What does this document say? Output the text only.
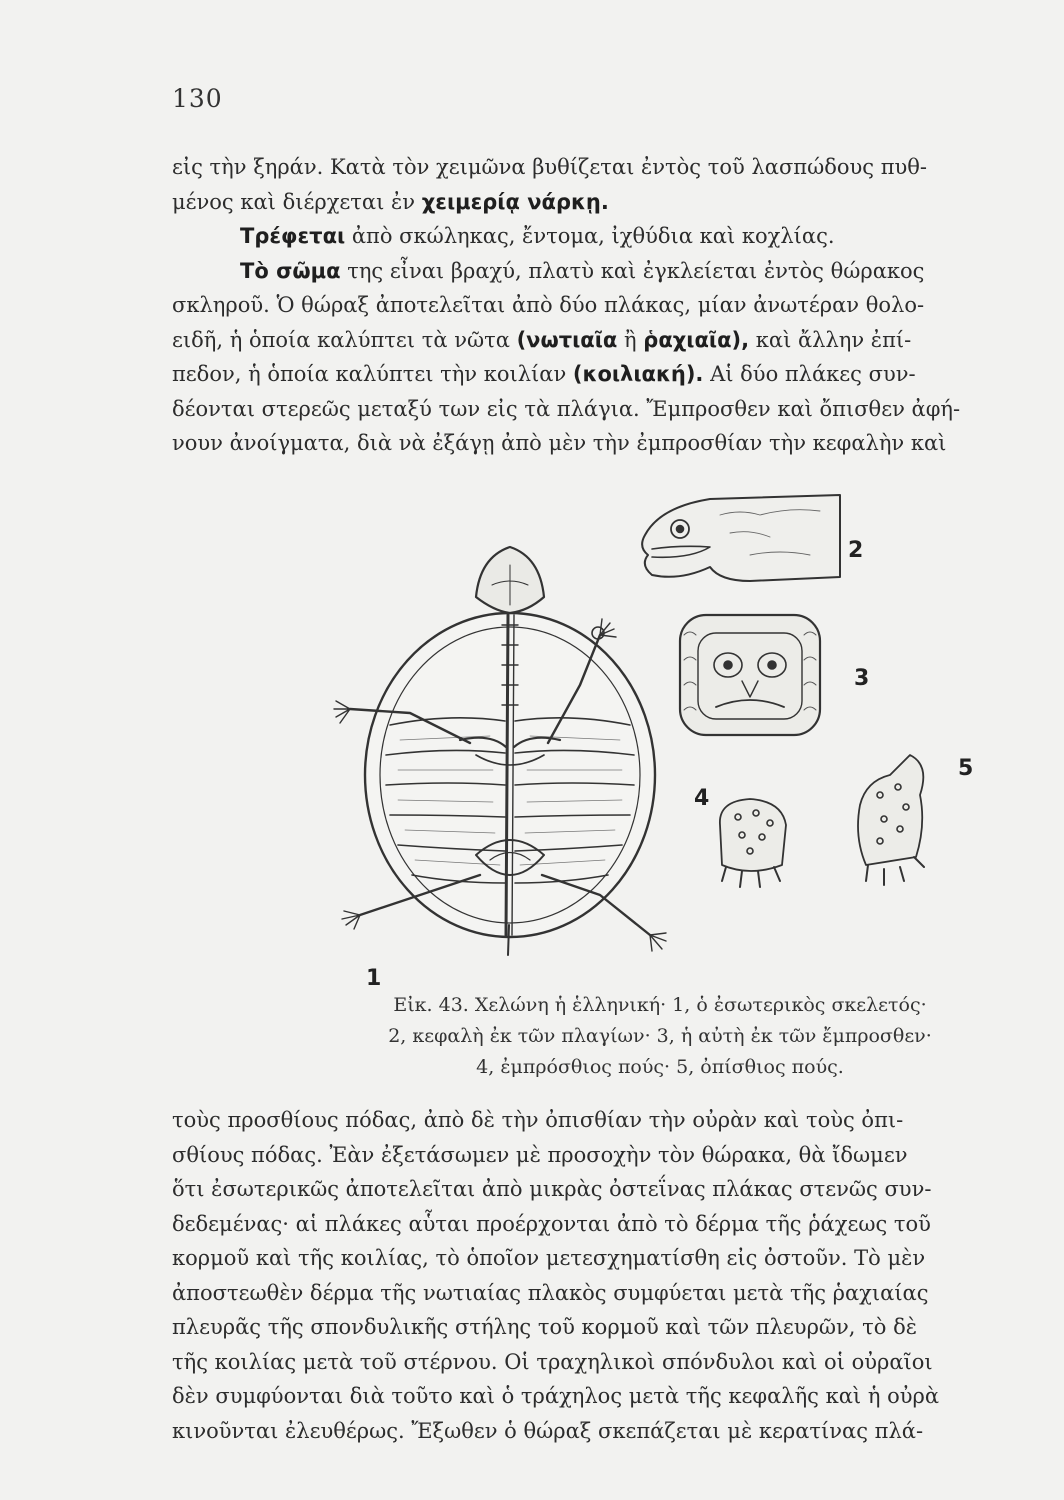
130
εἰς τὴν ξηράν. Κατὰ τὸν χειμῶνα βυθίζεται ἐντὸς τοῦ λασπώδους πυθ-
μένος καὶ διέρχεται ἐν χειμερίᾳ νάρκῃ.
Τρέφεται ἀπὸ σκώληκας, ἔντομα, ἰχθύδια καὶ κοχλίας.
Τὸ σῶμα της εἶναι βραχύ, πλατὺ καὶ ἐγκλείεται ἐντὸς θώρακος
σκληροῦ. Ὁ θώραξ ἀποτελεῖται ἀπὸ δύο πλάκας, μίαν ἀνωτέραν θολο-
ειδῆ, ἡ ὁποία καλύπτει τὰ νῶτα (νωτιαῖα ἢ ῥαχιαῖα), καὶ ἄλλην ἐπί-
πεδον, ἡ ὁποία καλύπτει τὴν κοιλίαν (κοιλιακή). Αἱ δύο πλάκες συν-
δέονται στερεῶς μεταξύ των εἰς τὰ πλάγια. Ἔμπροσθεν καὶ ὄπισθεν ἀφή-
νουν ἀνοίγματα, διὰ νὰ ἐξάγῃ ἀπὸ μὲν τὴν ἐμπροσθίαν τὴν κεφαλὴν καὶ
1
2
3
4
5
Εἰκ. 43. Χελώνη ἡ ἑλληνική· 1, ὁ ἐσωτερικὸς σκελετός·
2, κεφαλὴ ἐκ τῶν πλαγίων· 3, ἡ αὐτὴ ἐκ τῶν ἔμπροσθεν·
4, ἐμπρόσθιος πούς· 5, ὀπίσθιος πούς.
τοὺς προσθίους πόδας, ἀπὸ δὲ τὴν ὀπισθίαν τὴν οὐρὰν καὶ τοὺς ὀπι-
σθίους πόδας. Ἐὰν ἐξετάσωμεν μὲ προσοχὴν τὸν θώρακα, θὰ ἴδωμεν
ὅτι ἐσωτερικῶς ἀποτελεῖται ἀπὸ μικρὰς ὀστεΐνας πλάκας στενῶς συν-
δεδεμένας· αἱ πλάκες αὗται προέρχονται ἀπὸ τὸ δέρμα τῆς ῥάχεως τοῦ
κορμοῦ καὶ τῆς κοιλίας, τὸ ὁποῖον μετεσχηματίσθη εἰς ὀστοῦν. Τὸ μὲν
ἀποστεωθὲν δέρμα τῆς νωτιαίας πλακὸς συμφύεται μετὰ τῆς ῥαχιαίας
πλευρᾶς τῆς σπονδυλικῆς στήλης τοῦ κορμοῦ καὶ τῶν πλευρῶν, τὸ δὲ
τῆς κοιλίας μετὰ τοῦ στέρνου. Οἱ τραχηλικοὶ σπόνδυλοι καὶ οἱ οὐραῖοι
δὲν συμφύονται διὰ τοῦτο καὶ ὁ τράχηλος μετὰ τῆς κεφαλῆς καὶ ἡ οὐρὰ
κινοῦνται ἐλευθέρως. Ἔξωθεν ὁ θώραξ σκεπάζεται μὲ κερατίνας πλά-
